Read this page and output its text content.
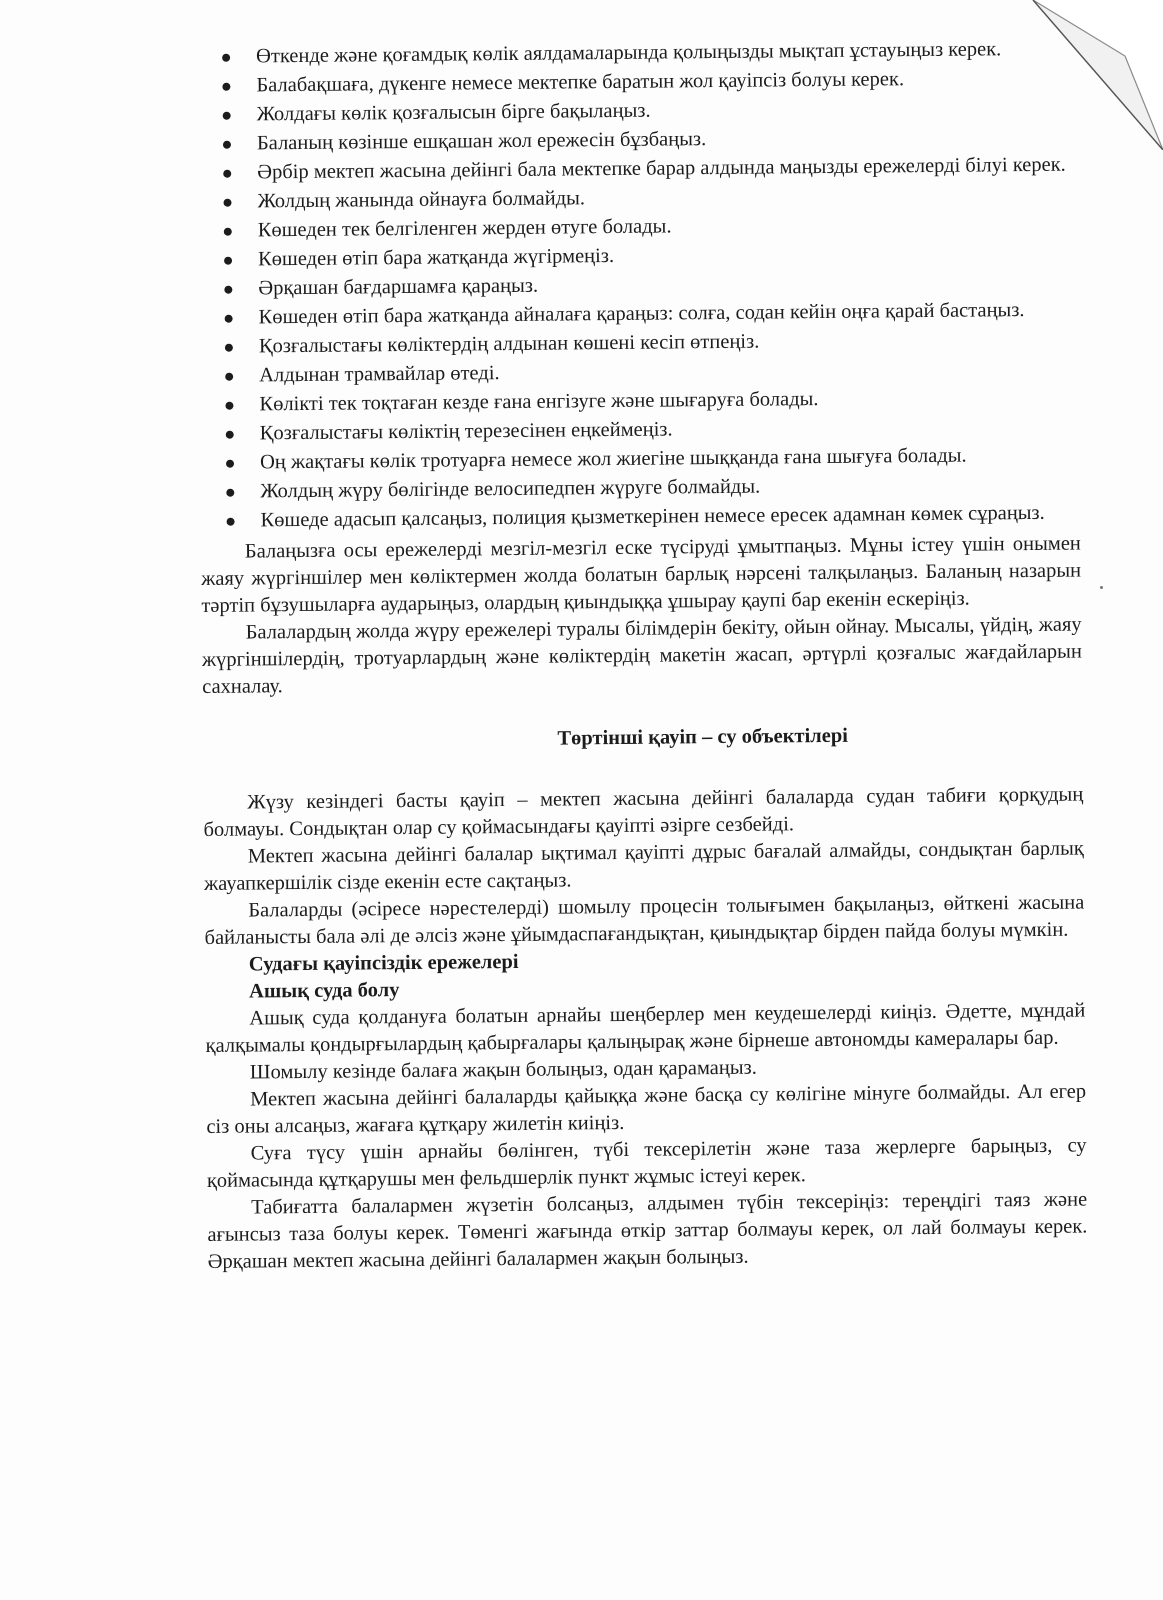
Өткенде және қоғамдық көлік аялдамаларында қолыңызды мықтап ұстауыңыз керек.
Балабақшаға, дүкенге немесе мектепке баратын жол қауіпсіз болуы керек.
Жолдағы көлік қозғалысын бірге бақылаңыз.
Баланың көзінше ешқашан жол ережесін бұзбаңыз.
Әрбір мектеп жасына дейінгі бала мектепке барар алдында маңызды ережелерді білуі керек.
Жолдың жанында ойнауға болмайды.
Көшеден тек белгіленген жерден өтуге болады.
Көшеден өтіп бара жатқанда жүгірмеңіз.
Әрқашан бағдаршамға қараңыз.
Көшеден өтіп бара жатқанда айналаға қараңыз: солға, содан кейін оңға қарай бастаңыз.
Қозғалыстағы көліктердің алдынан көшені кесіп өтпеңіз.
Алдынан трамвайлар өтеді.
Көлікті тек тоқтаған кезде ғана енгізуге және шығаруға болады.
Қозғалыстағы көліктің терезесінен еңкеймеңіз.
Оң жақтағы көлік тротуарға немесе жол жиегіне шыққанда ғана шығуға болады.
Жолдың жүру бөлігінде велосипедпен жүруге болмайды.
Көшеде адасып қалсаңыз, полиция қызметкерінен немесе ересек адамнан көмек сұраңыз.

Балаңызға осы ережелерді мезгіл-мезгіл еске түсіруді ұмытпаңыз. Мұны істеу үшін онымен жаяу жүргіншілер мен көліктермен жолда болатын барлық нәрсені талқылаңыз. Баланың назарын тәртіп бұзушыларға аударыңыз, олардың қиындыққа ұшырау қаупі бар екенін ескеріңіз.

Балалардың жолда жүру ережелері туралы білімдерін бекіту, ойын ойнау. Мысалы, үйдің, жаяу жүргіншілердің, тротуарлардың және көліктердің макетін жасап, әртүрлі қозғалыс жағдайларын сахналау.

Төртінші қауіп – су объектілері

Жүзу кезіндегі басты қауіп – мектеп жасына дейінгі балаларда судан табиғи қорқудың болмауы. Сондықтан олар су қоймасындағы қауіпті әзірге сезбейді.

Мектеп жасына дейінгі балалар ықтимал қауіпті дұрыс бағалай алмайды, сондықтан барлық жауапкершілік сізде екенін есте сақтаңыз.

Балаларды (әсіресе нәрестелерді) шомылу процесін толығымен бақылаңыз, өйткені жасына байланысты бала әлі де әлсіз және ұйымдаспағандықтан, қиындықтар бірден пайда болуы мүмкін.

Судағы қауіпсіздік ережелері
Ашық суда болу

Ашық суда қолдануға болатын арнайы шеңберлер мен кеудешелерді киіңіз. Әдетте, мұндай қалқымалы қондырғылардың қабырғалары қалыңырақ және бірнеше автономды камералары бар.

Шомылу кезінде балаға жақын болыңыз, одан қарамаңыз.

Мектеп жасына дейінгі балаларды қайыққа және басқа су көлігіне мінуге болмайды. Ал егер сіз оны алсаңыз, жағаға құтқару жилетін киіңіз.

Суға түсу үшін арнайы бөлінген, түбі тексерілетін және таза жерлерге барыңыз, су қоймасында құтқарушы мен фельдшерлік пункт жұмыс істеуі керек.

Табиғатта балалармен жүзетін болсаңыз, алдымен түбін тексеріңіз: тереңдігі таяз және ағынсыз таза болуы керек. Төменгі жағында өткір заттар болмауы керек, ол лай болмауы керек. Әрқашан мектеп жасына дейінгі балалармен жақын болыңыз.
